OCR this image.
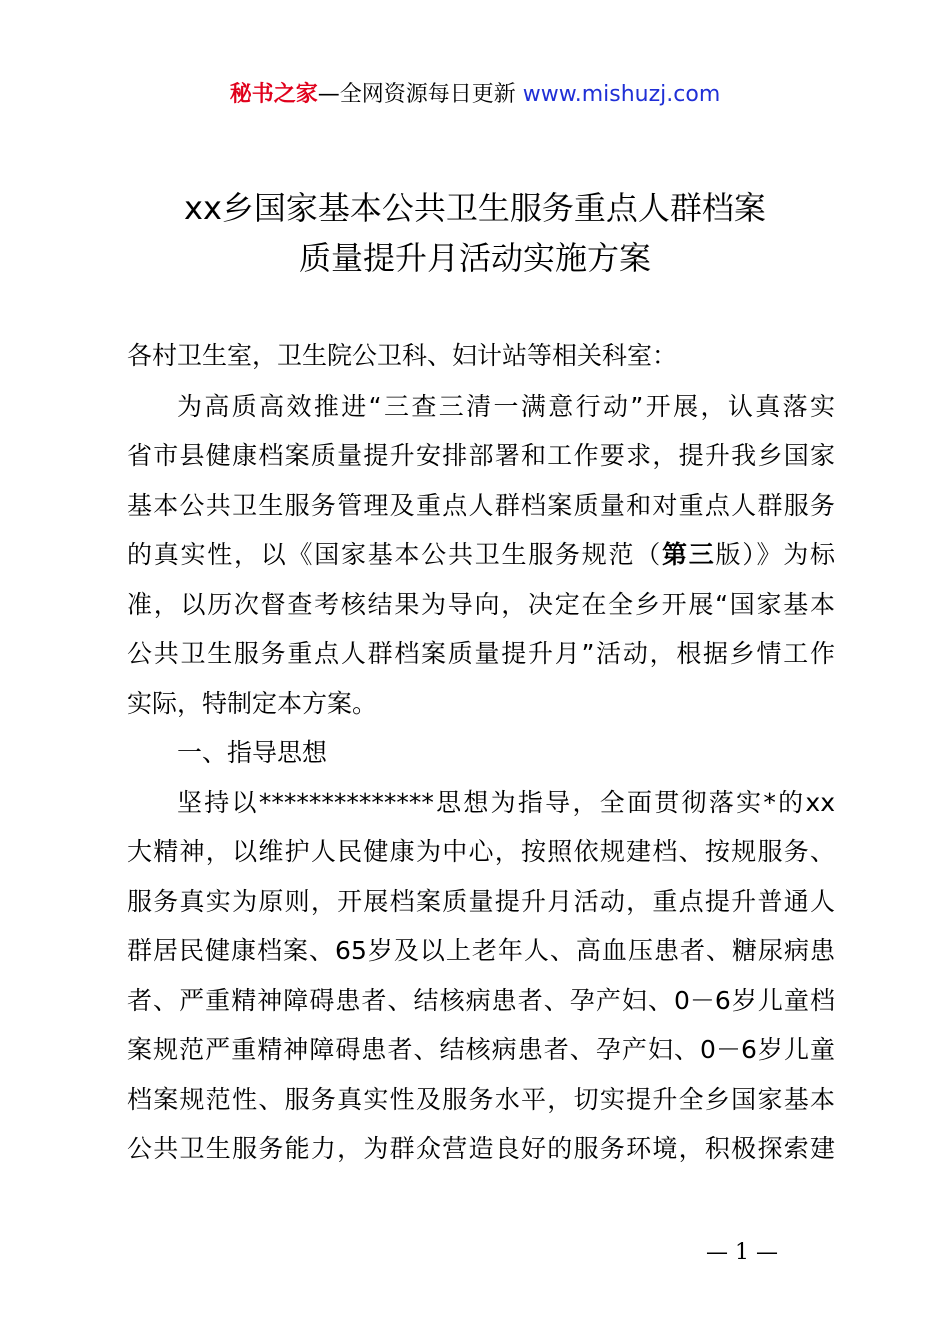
秘书之家—全网资源每日更新 www.mishuzj.com
xx乡国家基本公共卫生服务重点人群档案
质量提升月活动实施方案
各村卫生室，卫生院公卫科、妇计站等相关科室：
为高质高效推进“三查三清一满意行动”开展，认真落实
省市县健康档案质量提升安排部署和工作要求，提升我乡国家
基本公共卫生服务管理及重点人群档案质量和对重点人群服务
的真实性，以《国家基本公共卫生服务规范（第三版）》为标
准，以历次督查考核结果为导向，决定在全乡开展“国家基本
公共卫生服务重点人群档案质量提升月”活动，根据乡情工作
实际，特制定本方案。
一、指导思想
坚持以**************思想为指导，全面贯彻落实*的xx
大精神，以维护人民健康为中心，按照依规建档、按规服务、
服务真实为原则，开展档案质量提升月活动，重点提升普通人
群居民健康档案、65岁及以上老年人、高血压患者、糖尿病患
者、严重精神障碍患者、结核病患者、孕产妇、0－6岁儿童档
案规范严重精神障碍患者、结核病患者、孕产妇、0－6岁儿童
档案规范性、服务真实性及服务水平，切实提升全乡国家基本
公共卫生服务能力，为群众营造良好的服务环境，积极探索建
— 1 —
